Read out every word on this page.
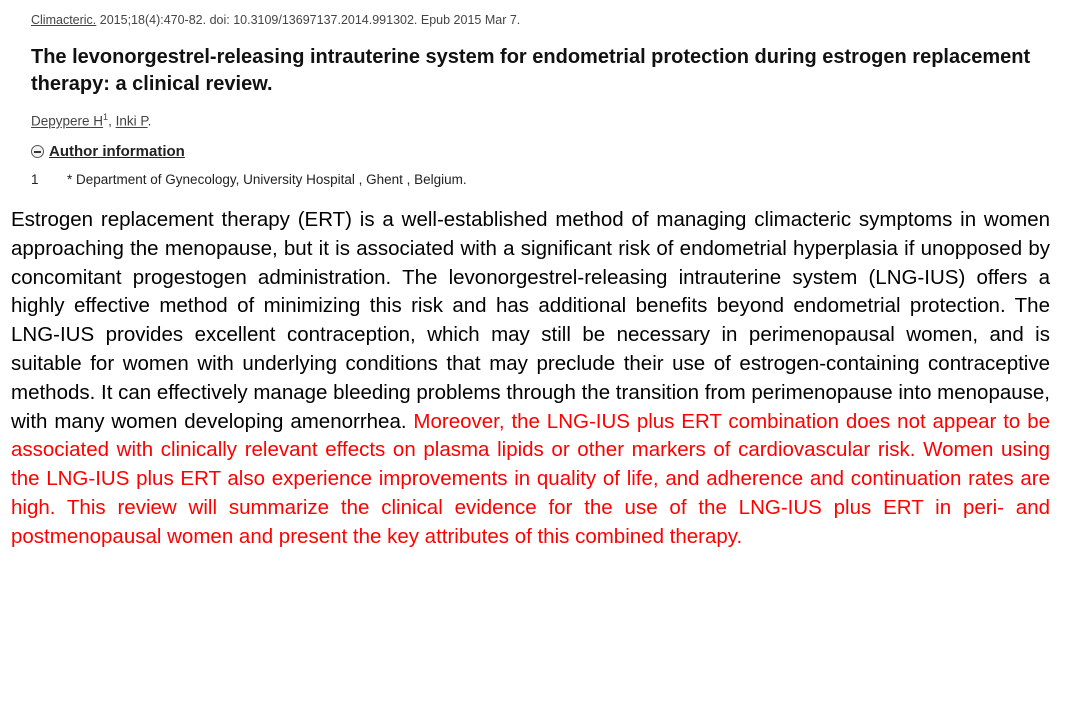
Climacteric. 2015;18(4):470-82. doi: 10.3109/13697137.2014.991302. Epub 2015 Mar 7.
The levonorgestrel-releasing intrauterine system for endometrial protection during estrogen replacement therapy: a clinical review.
Depypere $H^1$, Inki P.
Author information
1	* Department of Gynecology, University Hospital , Ghent , Belgium.

Estrogen replacement therapy (ERT) is a well-established method of managing climacteric symptoms in women approaching the menopause, but it is associated with a significant risk of endometrial hyperplasia if unopposed by concomitant progestogen administration. The levonorgestrel-releasing intrauterine system (LNG-IUS) offers a highly effective method of minimizing this risk and has additional benefits beyond endometrial protection. The LNG-IUS provides excellent contraception, which may still be necessary in perimenopausal women, and is suitable for women with underlying conditions that may preclude their use of estrogen-containing contraceptive methods. It can effectively manage bleeding problems through the transition from perimenopause into menopause, with many women developing amenorrhea. Moreover, the LNG-IUS plus ERT combination does not appear to be associated with clinically relevant effects on plasma lipids or other markers of cardiovascular risk. Women using the LNG-IUS plus ERT also experience improvements in quality of life, and adherence and continuation rates are high. This review will summarize the clinical evidence for the use of the LNG-IUS plus ERT in peri- and postmenopausal women and present the key attributes of this combined therapy.
